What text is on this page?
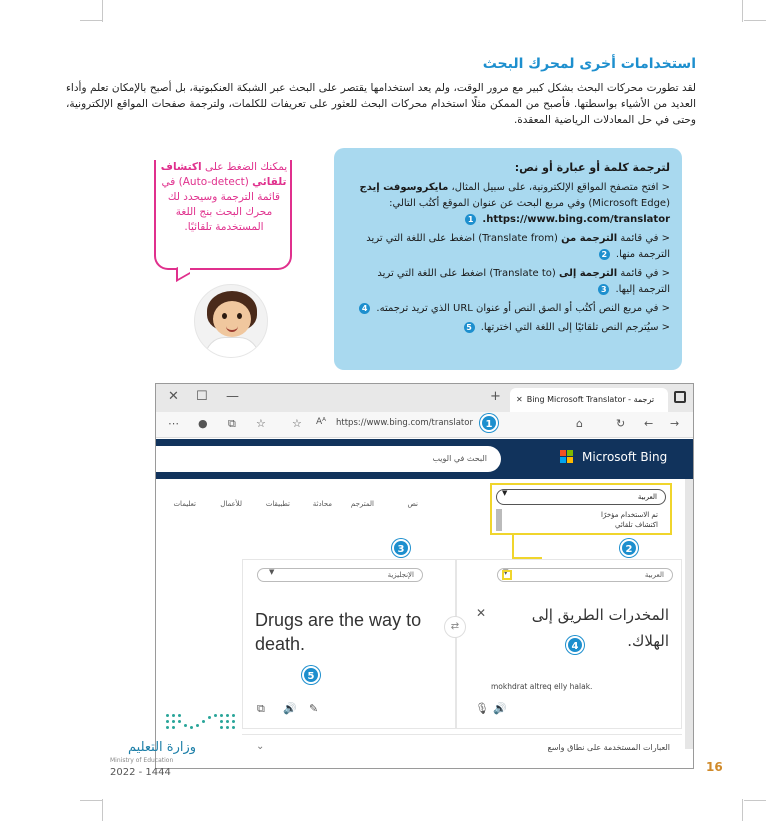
استخدامات أخرى لمحرك البحث

لقد تطورت محركات البحث بشكل كبير مع مرور الوقت، ولم يعد استخدامها يقتصر على البحث عبر الشبكة العنكبوتية، بل أصبح بالإمكان تعلم وأداء العديد من الأشياء بواسطتها. فأصبح من الممكن مثلًا استخدام محركات البحث للعثور على تعريفات للكلمات، ولترجمة صفحات المواقع الإلكترونية، وحتى في حل المعادلات الرياضية المعقدة.

يمكنك الضغط على اكتشاف تلقائي (Auto-detect) في قائمة الترجمة وسيحدد لك محرك البحث بنج اللغة المستخدمة تلقائيًا.
لترجمة كلمة أو عبارة أو نص:
< افتح متصفح المواقع الإلكترونية، على سبيل المثال، مايكروسوفت إيدج (Microsoft Edge) وفي مربع البحث عن عنوان الموقع أكتُب التالي:
.https://www.bing.com/translator 1
< في قائمة الترجمة من (Translate from) اضغط على اللغة التي تريد الترجمة منها. 2
< في قائمة الترجمة إلى (Translate to) اضغط على اللغة التي تريد الترجمة إليها. 3
< في مربع النص أكتُب أو الصق النص أو عنوان URL الذي تريد ترجمته. 4
< سيُترجم النص تلقائيًا إلى اللغة التي اخترتها. 5
✕ ☐ —	+	✕ Bing Microsoft Translator - ترجمة
⋯ ● ⧉ ☆ ☆ Aᴬ https://www.bing.com/translator	⌂	↻ ← →
1
البحث في الويب	Microsoft Bing
نص
المترجم
محادثة
تطبيقات
للأعمال
تعليمات
العربية
▼
المخدرات الطريق إلى الهلاك.
mokhdrat altreq elly halak.
🎙 🔊
الإنجليزية
▼
Drugs are the way to death.
⧉ 🔊 ✎
⇄
✕
العربية
▼
تم الاستخدام مؤخرًا
اكتشاف تلقائي
3	2
4
5
⌄	العبارات المستخدمة على نطاق واسع
وزارة التعليم
Ministry of Education
2022 - 1444	16
